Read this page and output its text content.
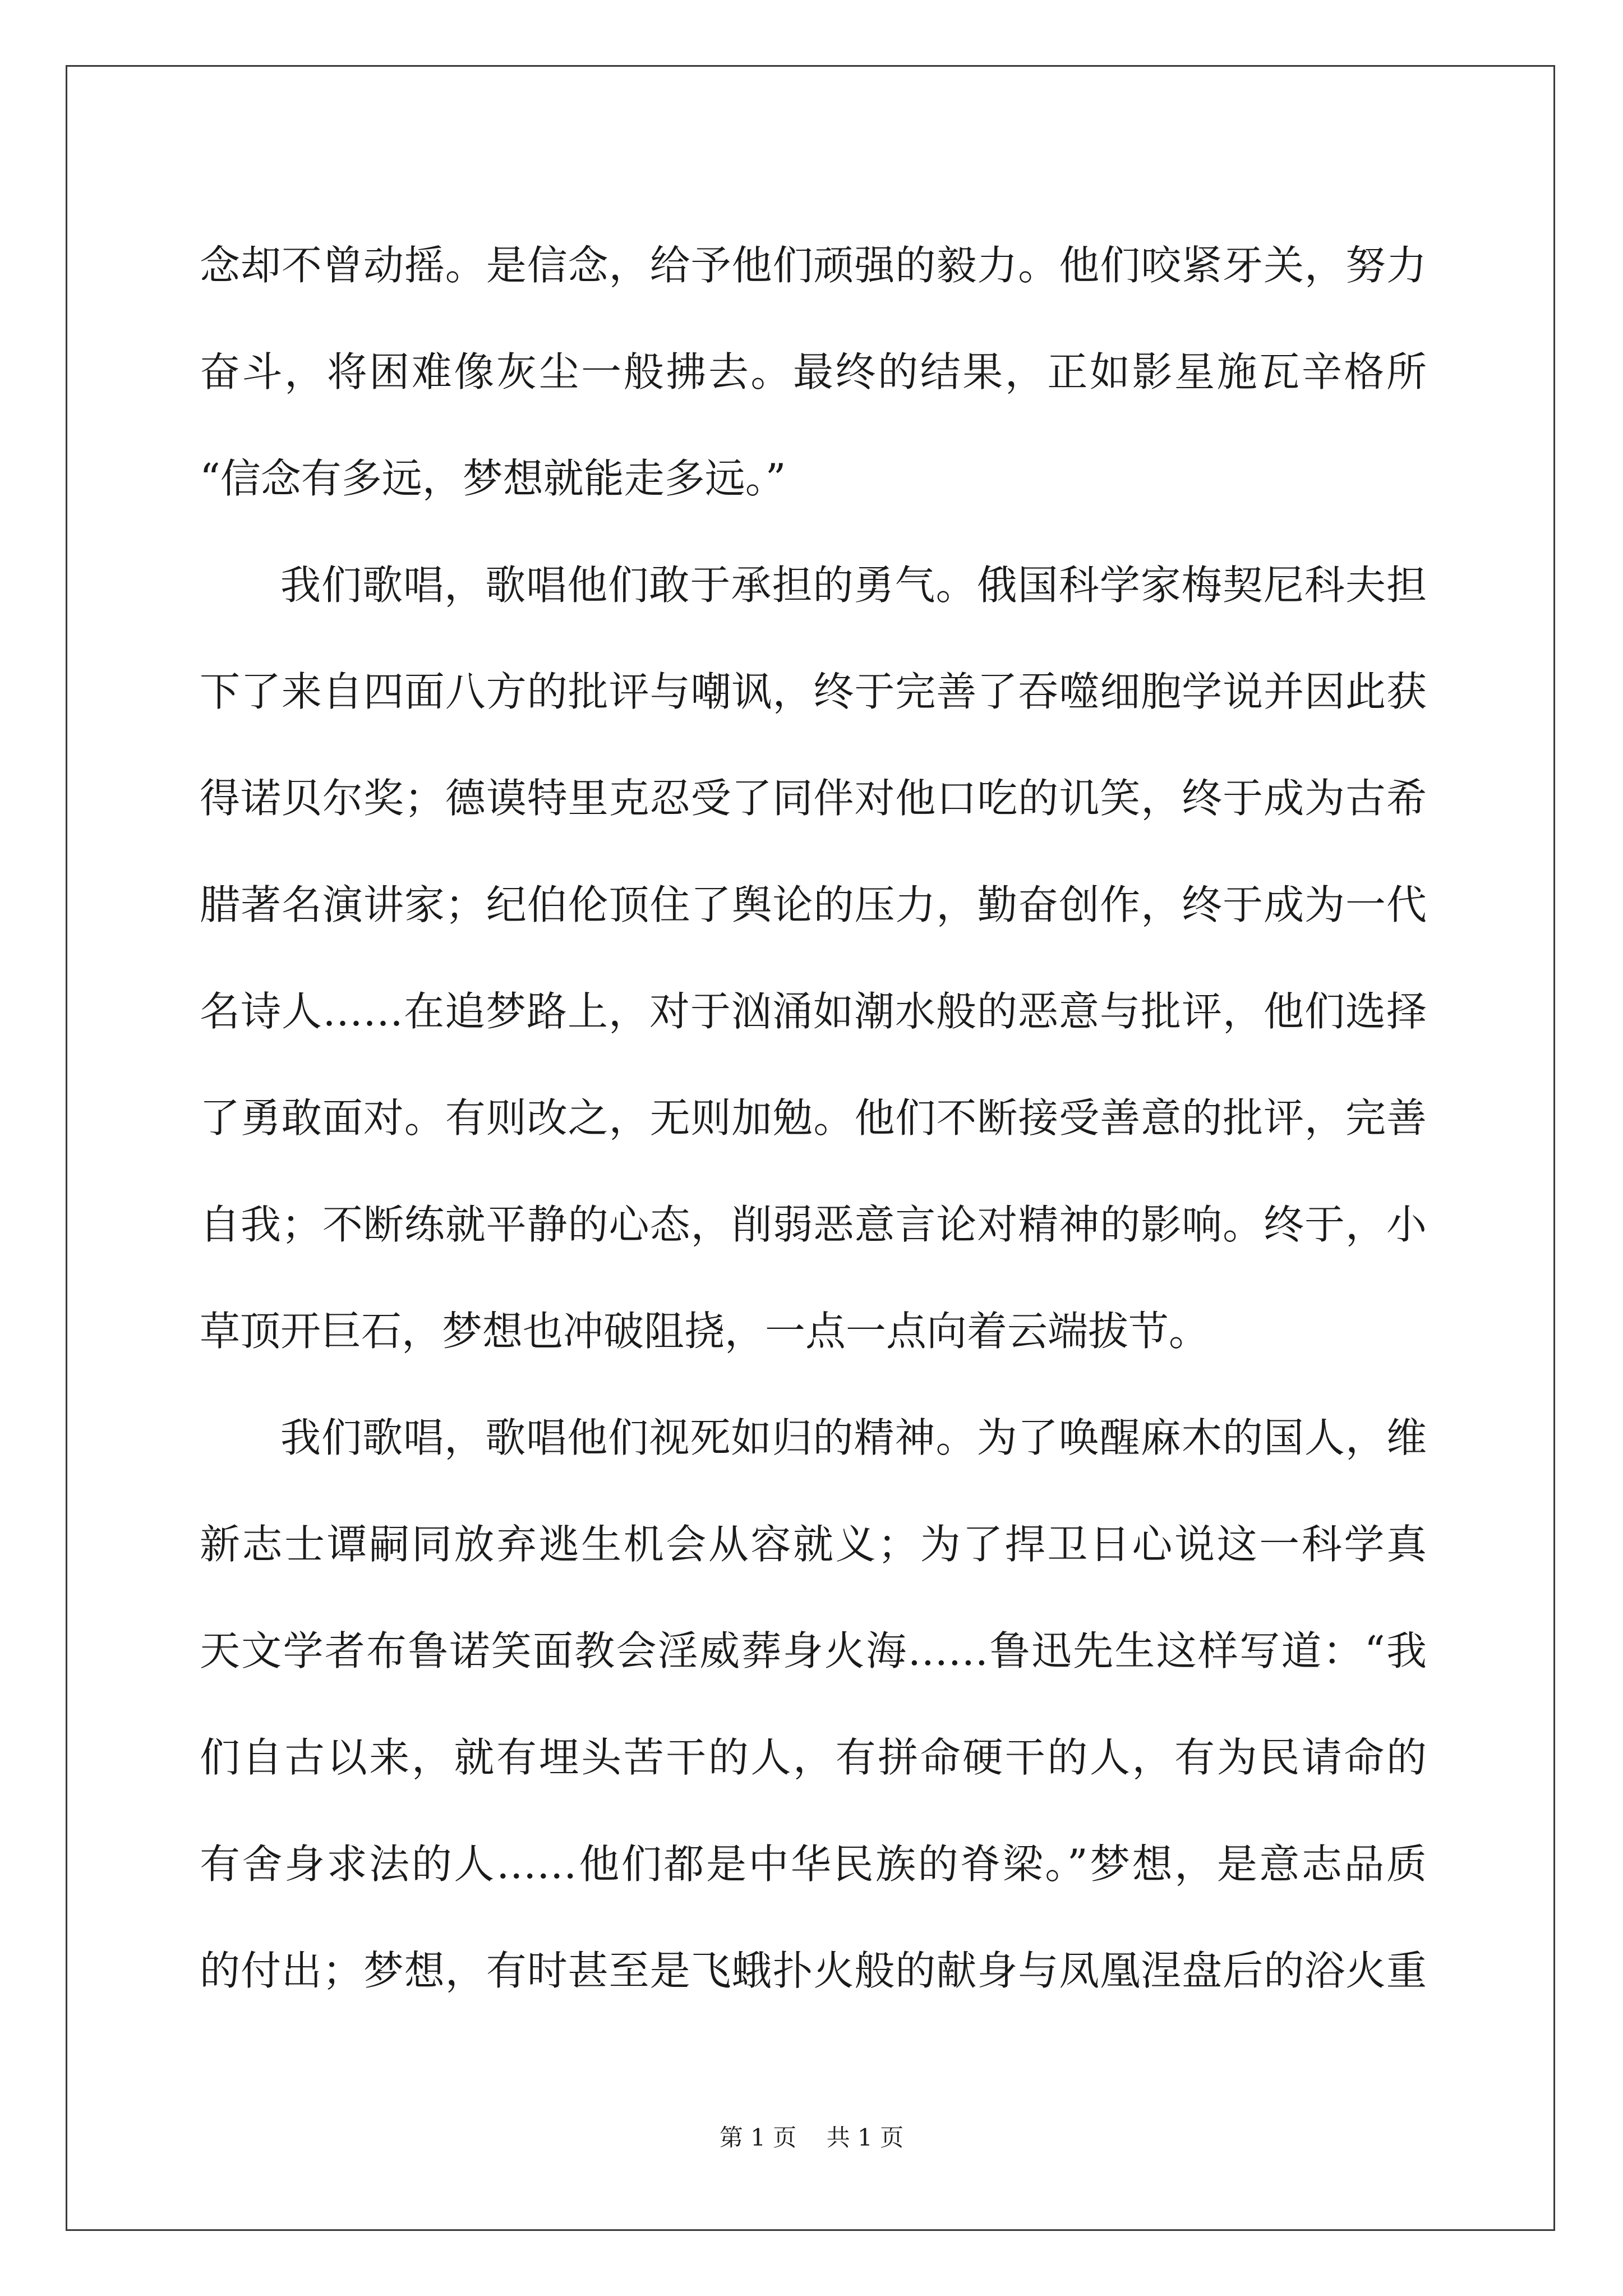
念却不曾动摇。是信念，给予他们顽强的毅力。他们咬紧牙关，努力
奋斗，将困难像灰尘一般拂去。最终的结果，正如影星施瓦辛格所
“信念有多远，梦想就能走多远。”
我们歌唱，歌唱他们敢于承担的勇气。俄国科学家梅契尼科夫担
下了来自四面八方的批评与嘲讽，终于完善了吞噬细胞学说并因此获
得诺贝尔奖；德谟特里克忍受了同伴对他口吃的讥笑，终于成为古希
腊著名演讲家；纪伯伦顶住了舆论的压力，勤奋创作，终于成为一代
名诗人……在追梦路上，对于汹涌如潮水般的恶意与批评，他们选择
了勇敢面对。有则改之，无则加勉。他们不断接受善意的批评，完善
自我；不断练就平静的心态，削弱恶意言论对精神的影响。终于，小
草顶开巨石，梦想也冲破阻挠，一点一点向着云端拔节。
我们歌唱，歌唱他们视死如归的精神。为了唤醒麻木的国人，维
新志士谭嗣同放弃逃生机会从容就义；为了捍卫日心说这一科学真
天文学者布鲁诺笑面教会淫威葬身火海……鲁迅先生这样写道：“我
们自古以来，就有埋头苦干的人，有拼命硬干的人，有为民请命的
有舍身求法的人……他们都是中华民族的脊梁。”梦想，是意志品质
的付出；梦想，有时甚至是飞蛾扑火般的献身与凤凰涅盘后的浴火重
第 1 页    共 1 页
